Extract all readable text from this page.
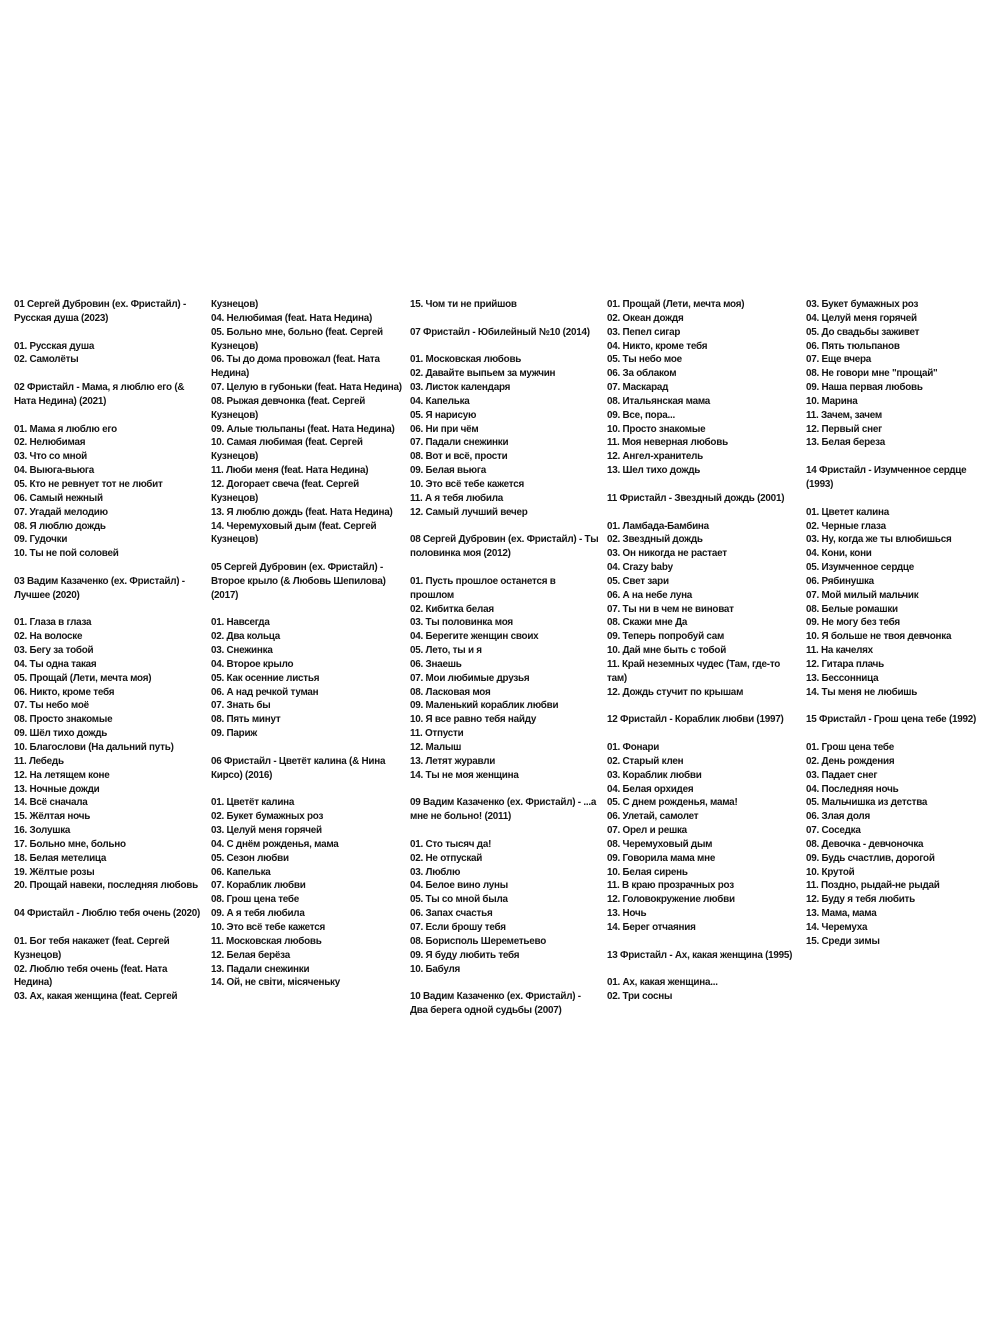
01 Сергей Дубровин (ex. Фристайл) - Русская душа (2023)
01. Русская душа
02. Самолёты
02 Фристайл - Мама, я люблю его (& Ната Недина) (2021)
01. Мама я люблю его
02. Нелюбимая
03. Что со мной
04. Выюга-вьюга
05. Кто не ревнует тот не любит
06. Самый нежный
07. Угадай мелодию
08. Я люблю дождь
09. Гудочки
10. Ты не пой соловей
03 Вадим Казаченко (ex. Фристайл) - Лучшее (2020)
01. Глаза в глаза
02. На волоске
03. Бегу за тобой
04. Ты одна такая
05. Прощай (Лети, мечта моя)
06. Никто, кроме тебя
07. Ты небо моё
08. Просто знакомые
09. Шёл тихо дождь
10. Благослови (На дальний путь)
11. Лебедь
12. На летящем коне
13. Ночные дожди
14. Всё сначала
15. Жёлтая ночь
16. Золушка
17. Больно мне, больно
18. Белая метелица
19. Жёлтые розы
20. Прощай навеки, последняя любовь
04 Фристайл - Люблю тебя очень (2020)
01. Бог тебя накажет (feat. Сергей Кузнецов)
02. Люблю тебя очень (feat. Ната Недина)
03. Ах, какая женщина (feat. Сергей
Кузнецов)
04. Нелюбимая (feat. Ната Недина)
05. Больно мне, больно (feat. Сергей Кузнецов)
06. Ты до дома провожал (feat. Ната Недина)
07. Целую в губоньки (feat. Ната Недина)
08. Рыжая девчонка (feat. Сергей Кузнецов)
09. Алые тюльпаны (feat. Ната Недина)
10. Самая любимая (feat. Сергей Кузнецов)
11. Люби меня (feat. Ната Недина)
12. Догорает свеча (feat. Сергей Кузнецов)
13. Я люблю дождь (feat. Ната Недина)
14. Черемуховый дым (feat. Сергей Кузнецов)
05 Сергей Дубровин (ex. Фристайл) - Второе крыло (& Любовь Шепилова) (2017)
01. Навсегда
02. Два кольца
03. Снежинка
04. Второе крыло
05. Как осенние листья
06. А над речкой туман
07. Знать бы
08. Пять минут
09. Париж
06 Фристайл - Цветёт калина (& Нина Кирсо) (2016)
01. Цветёт калина
02. Букет бумажных роз
03. Целуй меня горячей
04. С днём рожденья, мама
05. Сезон любви
06. Капелька
07. Кораблик любви
08. Грош цена тебе
09. А я тебя любила
10. Это всё тебе кажется
11. Московская любовь
12. Белая берёза
13. Падали снежинки
14. Ой, не світи, місяченьку
15. Чом ти не прийшов
07 Фристайл - Юбилейный №10 (2014)
01. Московская любовь
02. Давайте выпьем за мужчин
03. Листок календаря
04. Капелька
05. Я нарисую
06. Ни при чём
07. Падали снежинки
08. Вот и всё, прости
09. Белая вьюга
10. Это всё тебе кажется
11. А я тебя любила
12. Самый лучший вечер
08 Сергей Дубровин (ex. Фристайл) - Ты половинка моя (2012)
01. Пусть прошлое останется в прошлом
02. Кибитка белая
03. Ты половинка моя
04. Берегите женщин своих
05. Лето, ты и я
06. Знаешь
07. Мои любимые друзья
08. Ласковая моя
09. Маленький кораблик любви
10. Я все равно тебя найду
11. Отпусти
12. Малыш
13. Летят журавли
14. Ты не моя женщина
09 Вадим Казаченко (ex. Фристайл) - ...а мне не больно! (2011)
01. Сто тысяч да!
02. Не отпускай
03. Люблю
04. Белое вино луны
05. Ты со мной была
06. Запах счастья
07. Если брошу тебя
08. Борисполь Шереметьево
09. Я буду любить тебя
10. Бабуля
10 Вадим Казаченко (ex. Фристайл) - Два берега одной судьбы (2007)
01. Прощай (Лети, мечта моя)
02. Океан дождя
03. Пепел сигар
04. Никто, кроме тебя
05. Ты небо мое
06. За облаком
07. Маскарад
08. Итальянская мама
09. Все, пора...
10. Просто знакомые
11. Моя неверная любовь
12. Ангел-хранитель
13. Шел тихо дождь
11 Фристайл - Звездный дождь (2001)
01. Ламбада-Бамбина
02. Звездный дождь
03. Он никогда не растает
04. Crazy baby
05. Свет зари
06. А на небе луна
07. Ты ни в чем не виноват
08. Скажи мне Да
09. Теперь попробуй сам
10. Дай мне быть с тобой
11. Край неземных чудес (Там, где-то там)
12. Дождь стучит по крышам
12 Фристайл - Кораблик любви (1997)
01. Фонари
02. Старый клен
03. Кораблик любви
04. Белая орхидея
05. С днем рожденья, мама!
06. Улетай, самолет
07. Орел и решка
08. Черемуховый дым
09. Говорила мама мне
10. Белая сирень
11. В краю прозрачных роз
12. Головокружение любви
13. Ночь
14. Берег отчаяния
13 Фристайл - Ах, какая женщина (1995)
01. Ах, какая женщина...
02. Три сосны
03. Букет бумажных роз
04. Целуй меня горячей
05. До свадьбы заживет
06. Пять тюльпанов
07. Еще вчера
08. Не говори мне "прощай"
09. Наша первая любовь
10. Марина
11. Зачем, зачем
12. Первый снег
13. Белая береза
14 Фристайл - Изумченное сердце (1993)
01. Цветет калина
02. Черные глаза
03. Ну, когда же ты влюбишься
04. Кони, кони
05. Изумченное сердце
06. Рябинушка
07. Мой милый мальчик
08. Белые ромашки
09. Не могу без тебя
10. Я больше не твоя девчонка
11. На качелях
12. Гитара плачь
13. Бессонница
14. Ты меня не любишь
15 Фристайл - Грош цена тебе (1992)
01. Грош цена тебе
02. День рождения
03. Падает снег
04. Последняя ночь
05. Мальчишка из детства
06. Злая доля
07. Соседка
08. Девочка - девчоночка
09. Будь счастлив, дорогой
10. Крутой
11. Поздно, рыдай-не рыдай
12. Буду я тебя любить
13. Мама, мама
14. Черемуха
15. Среди зимы
